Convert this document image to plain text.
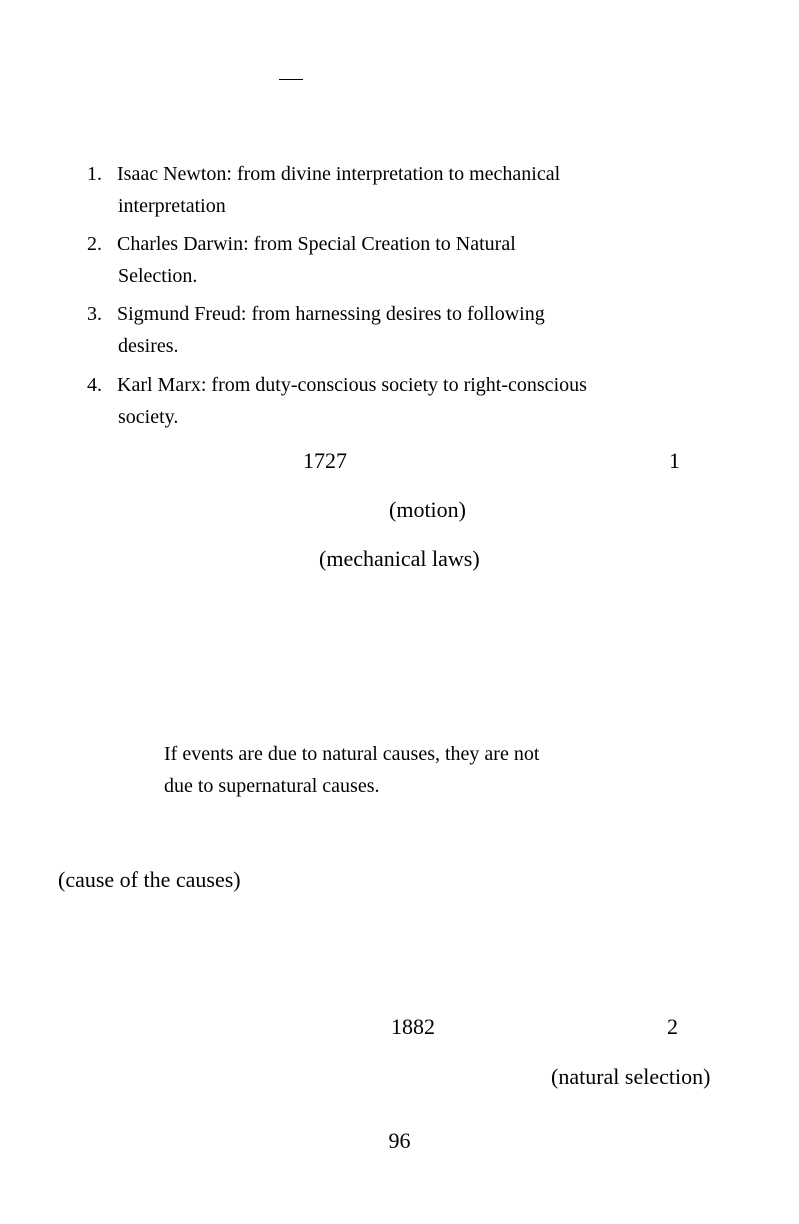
1. Isaac Newton: from divine interpretation to mechanical
interpretation
2. Charles Darwin: from Special Creation to Natural
Selection.
3. Sigmund Freud: from harnessing desires to following
desires.
4. Karl Marx: from duty-conscious society to right-conscious
society.
1727	1
(motion)
(mechanical laws)
If events are due to natural causes, they are not
due to supernatural causes.
(cause of the causes)
1882	2
(natural selection)
96
